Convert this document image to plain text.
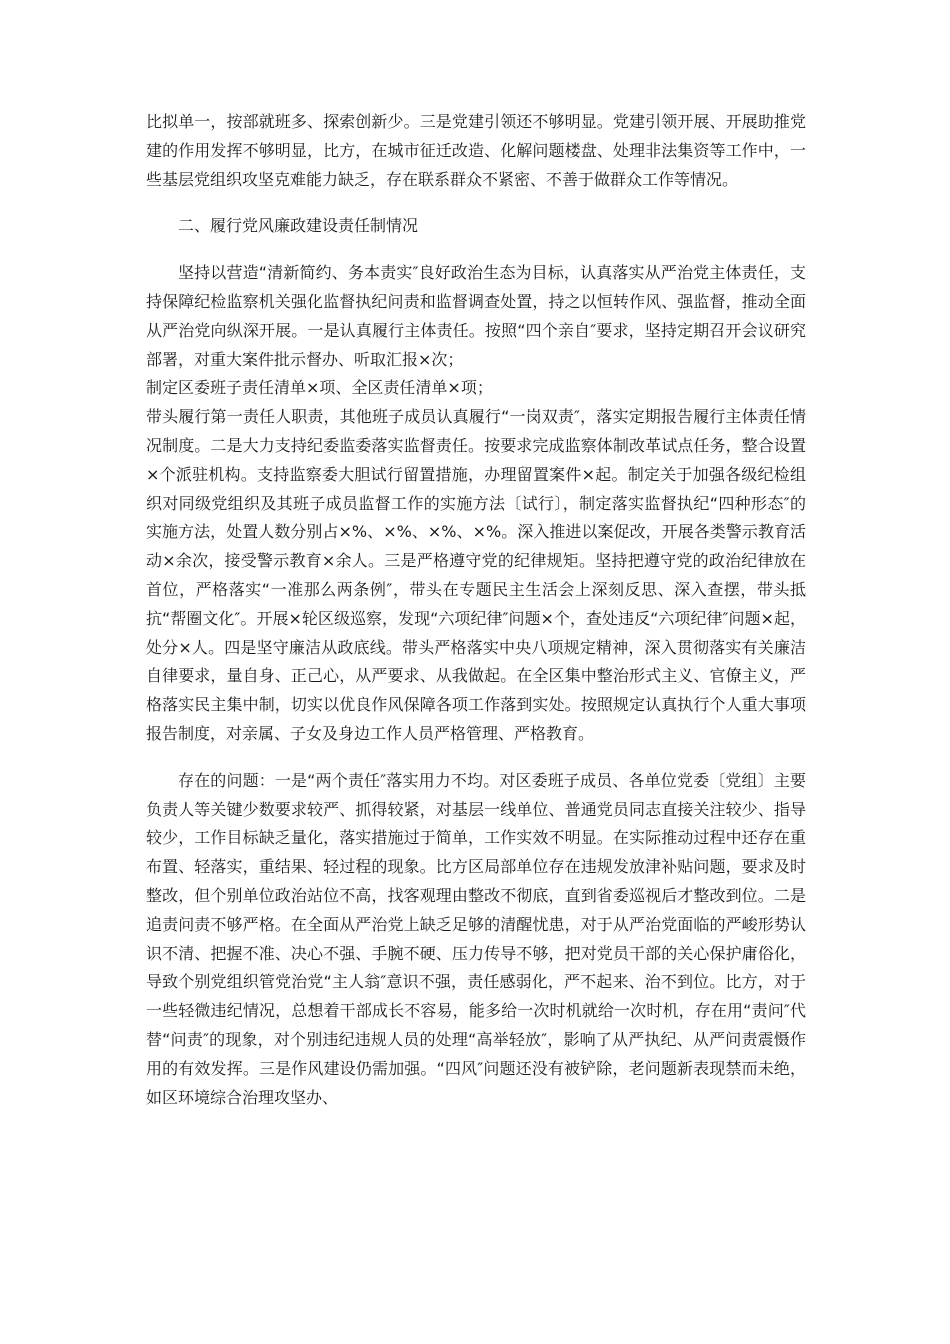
比拟单一，按部就班多、探索创新少。三是党建引领还不够明显。党建引领开展、开展助推党建的作用发挥不够明显，比方，在城市征迁改造、化解问题楼盘、处理非法集资等工作中，一些基层党组织攻坚克难能力缺乏，存在联系群众不紧密、不善于做群众工作等情况。

二、履行党风廉政建设责任制情况

坚持以营造“清新简约、务本责实″良好政治生态为目标，认真落实从严治党主体责任，支持保障纪检监察机关强化监督执纪问责和监督调查处置，持之以恒转作风、强监督，推动全面从严治党向纵深开展。一是认真履行主体责任。按照“四个亲自″要求，坚持定期召开会议研究部署，对重大案件批示督办、听取汇报×次；

制定区委班子责任清单×项、全区责任清单×项；

带头履行第一责任人职责，其他班子成员认真履行“一岗双责″，落实定期报告履行主体责任情况制度。二是大力支持纪委监委落实监督责任。按要求完成监察体制改革试点任务，整合设置×个派驻机构。支持监察委大胆试行留置措施，办理留置案件×起。制定关于加强各级纪检组织对同级党组织及其班子成员监督工作的实施方法〔试行〕，制定落实监督执纪“四种形态″的实施方法，处置人数分别占×%、×%、×%、×%。深入推进以案促改，开展各类警示教育活动×余次，接受警示教育×余人。三是严格遵守党的纪律规矩。坚持把遵守党的政治纪律放在首位，严格落实“一准那么两条例″，带头在专题民主生活会上深刻反思、深入查摆，带头抵抗“帮圈文化″。开展×轮区级巡察，发现“六项纪律″问题×个，查处违反“六项纪律″问题×起，处分×人。四是坚守廉洁从政底线。带头严格落实中央八项规定精神，深入贯彻落实有关廉洁自律要求，量自身、正己心，从严要求、从我做起。在全区集中整治形式主义、官僚主义，严格落实民主集中制，切实以优良作风保障各项工作落到实处。按照规定认真执行个人重大事项报告制度，对亲属、子女及身边工作人员严格管理、严格教育。

存在的问题：一是“两个责任″落实用力不均。对区委班子成员、各单位党委〔党组〕主要负责人等关键少数要求较严、抓得较紧，对基层一线单位、普通党员同志直接关注较少、指导较少，工作目标缺乏量化，落实措施过于简单，工作实效不明显。在实际推动过程中还存在重布置、轻落实，重结果、轻过程的现象。比方区局部单位存在违规发放津补贴问题，要求及时整改，但个别单位政治站位不高，找客观理由整改不彻底，直到省委巡视后才整改到位。二是追责问责不够严格。在全面从严治党上缺乏足够的清醒忧患，对于从严治党面临的严峻形势认识不清、把握不准、决心不强、手腕不硬、压力传导不够，把对党员干部的关心保护庸俗化，导致个别党组织管党治党“主人翁″意识不强，责任感弱化，严不起来、治不到位。比方，对于一些轻微违纪情况，总想着干部成长不容易，能多给一次时机就给一次时机，存在用“责问″代替“问责″的现象，对个别违纪违规人员的处理“高举轻放″，影响了从严执纪、从严问责震慑作用的有效发挥。三是作风建设仍需加强。“四风″问题还没有被铲除，老问题新表现禁而未绝，如区环境综合治理攻坚办、
